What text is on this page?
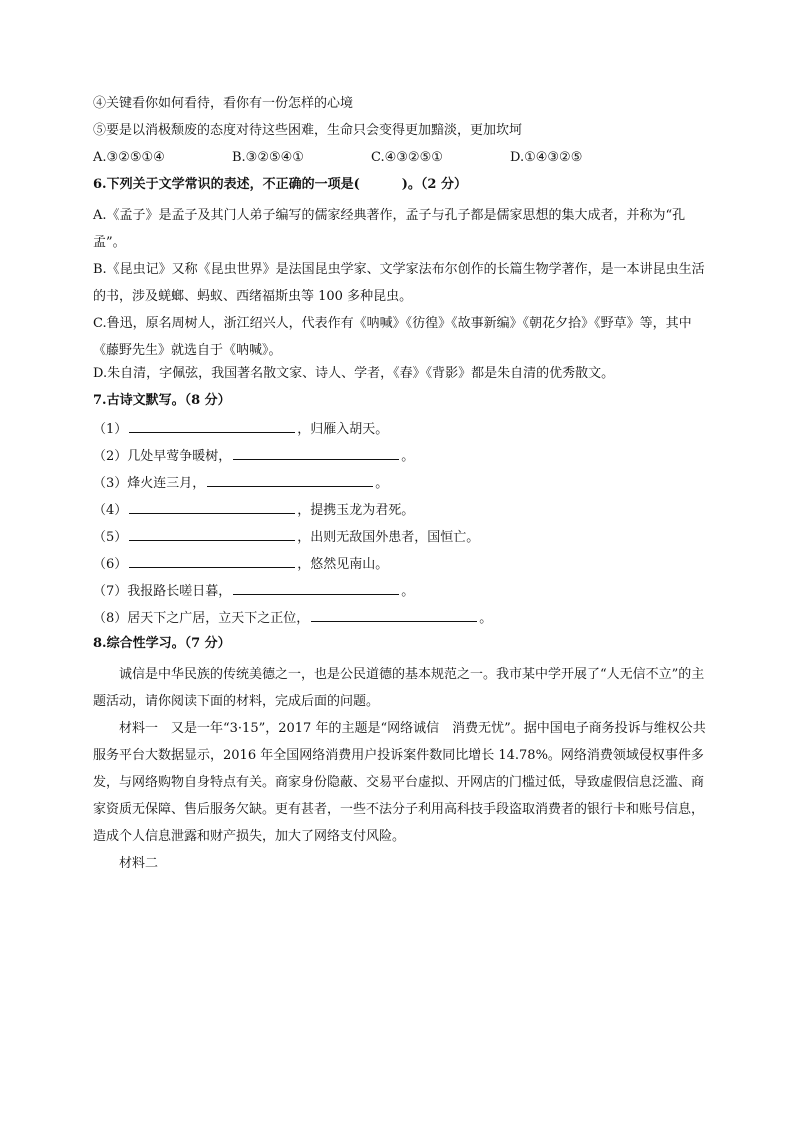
④关键看你如何看待，看你有一份怎样的心境
⑤要是以消极颓废的态度对待这些困难，生命只会变得更加黯淡，更加坎坷
A.③②⑤①④	B.③②⑤④①	C.④③②⑤①	D.①④③②⑤
6.下列关于文学常识的表述，不正确的一项是(	)。（2 分）
A.《孟子》是孟子及其门人弟子编写的儒家经典著作，孟子与孔子都是儒家思想的集大成者，并称为“孔孟”。
B.《昆虫记》又称《昆虫世界》是法国昆虫学家、文学家法布尔创作的长篇生物学著作，是一本讲昆虫生活的书，涉及蜣螂、蚂蚁、西绪福斯虫等 100 多种昆虫。
C.鲁迅，原名周树人，浙江绍兴人，代表作有《呐喊》《彷徨》《故事新编》《朝花夕拾》《野草》等，其中《藤野先生》就选自于《呐喊》。
D.朱自清，字佩弦，我国著名散文家、诗人、学者，《春》《背影》都是朱自清的优秀散文。
7.古诗文默写。（8 分）
（1）	，归雁入胡天。
（2）几处早莺争暖树，	。
（3）烽火连三月，	。
（4）	，提携玉龙为君死。
（5）	，出则无敌国外患者，国恒亡。
（6）	，悠然见南山。
（7）我报路长嗟日暮，	。
（8）居天下之广居，立天下之正位，	。
8.综合性学习。（7 分）
诚信是中华民族的传统美德之一，也是公民道德的基本规范之一。我市某中学开展了“人无信不立”的主题活动，请你阅读下面的材料，完成后面的问题。
材料一　又是一年“3·15”，2017 年的主题是“网络诚信　消费无忧”。据中国电子商务投诉与维权公共服务平台大数据显示，2016 年全国网络消费用户投诉案件数同比增长 14.78%。网络消费领域侵权事件多发，与网络购物自身特点有关。商家身份隐蔽、交易平台虚拟、开网店的门槛过低，导致虚假信息泛滥、商家资质无保障、售后服务欠缺。更有甚者，一些不法分子利用高科技手段盗取消费者的银行卡和账号信息，造成个人信息泄露和财产损失，加大了网络支付风险。
材料二
